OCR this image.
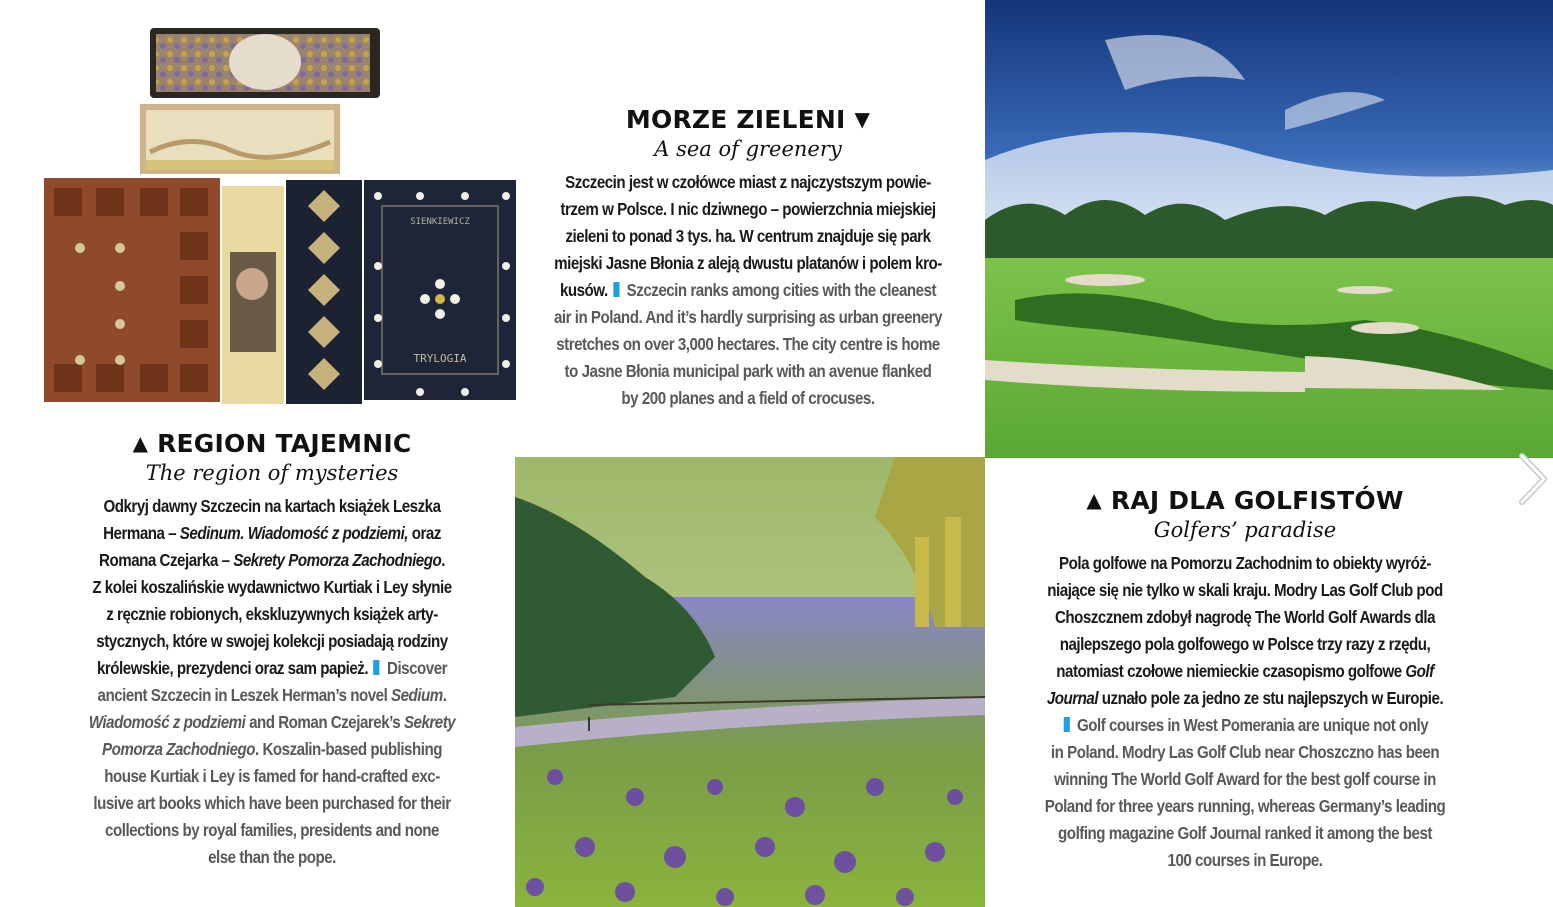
SIENKIEWICZ
TRYLOGIA
MORZE ZIELENI ▼
A sea of greenery
Szczecin jest w czołówce miast z najczystszym powie-
trzem w Polsce. I nic dziwnego – powierzchnia miejskiej
zieleni to ponad 3 tys. ha. W centrum znajduje się park
miejski Jasne Błonia z aleją dwustu platanów i polem kro-
kusów. Szczecin ranks among cities with the cleanest
air in Poland. And it’s hardly surprising as urban greenery
stretches on over 3,000 hectares. The city centre is home
to Jasne Błonia municipal park with an avenue flanked
by 200 planes and a field of crocuses.
▲ REGION TAJEMNIC
The region of mysteries
Odkryj dawny Szczecin na kartach książek Leszka
Hermana – Sedinum. Wiadomość z podziemi, oraz
Romana Czejarka – Sekrety Pomorza Zachodniego.
Z kolei koszalińskie wydawnictwo Kurtiak i Ley słynie
z ręcznie robionych, ekskluzywnych książek arty-
stycznych, które w swojej kolekcji posiadają rodziny
królewskie, prezydenci oraz sam papież. Discover
ancient Szczecin in Leszek Herman’s novel Sedium.
Wiadomość z podziemi and Roman Czejarek’s Sekrety
Pomorza Zachodniego. Koszalin-based publishing
house Kurtiak i Ley is famed for hand-crafted exc-
lusive art books which have been purchased for their
collections by royal families, presidents and none
else than the pope.
▲ RAJ DLA GOLFISTÓW
Golfers’ paradise
Pola golfowe na Pomorzu Zachodnim to obiekty wyróż-
niające się nie tylko w skali kraju. Modry Las Golf Club pod
Choszcznem zdobył nagrodę The World Golf Awards dla
najlepszego pola golfowego w Polsce trzy razy z rzędu,
natomiast czołowe niemieckie czasopismo golfowe Golf
Journal uznało pole za jedno ze stu najlepszych w Europie.
Golf courses in West Pomerania are unique not only
in Poland. Modry Las Golf Club near Choszczno has been
winning The World Golf Award for the best golf course in
Poland for three years running, whereas Germany’s leading
golfing magazine Golf Journal ranked it among the best
100 courses in Europe.
